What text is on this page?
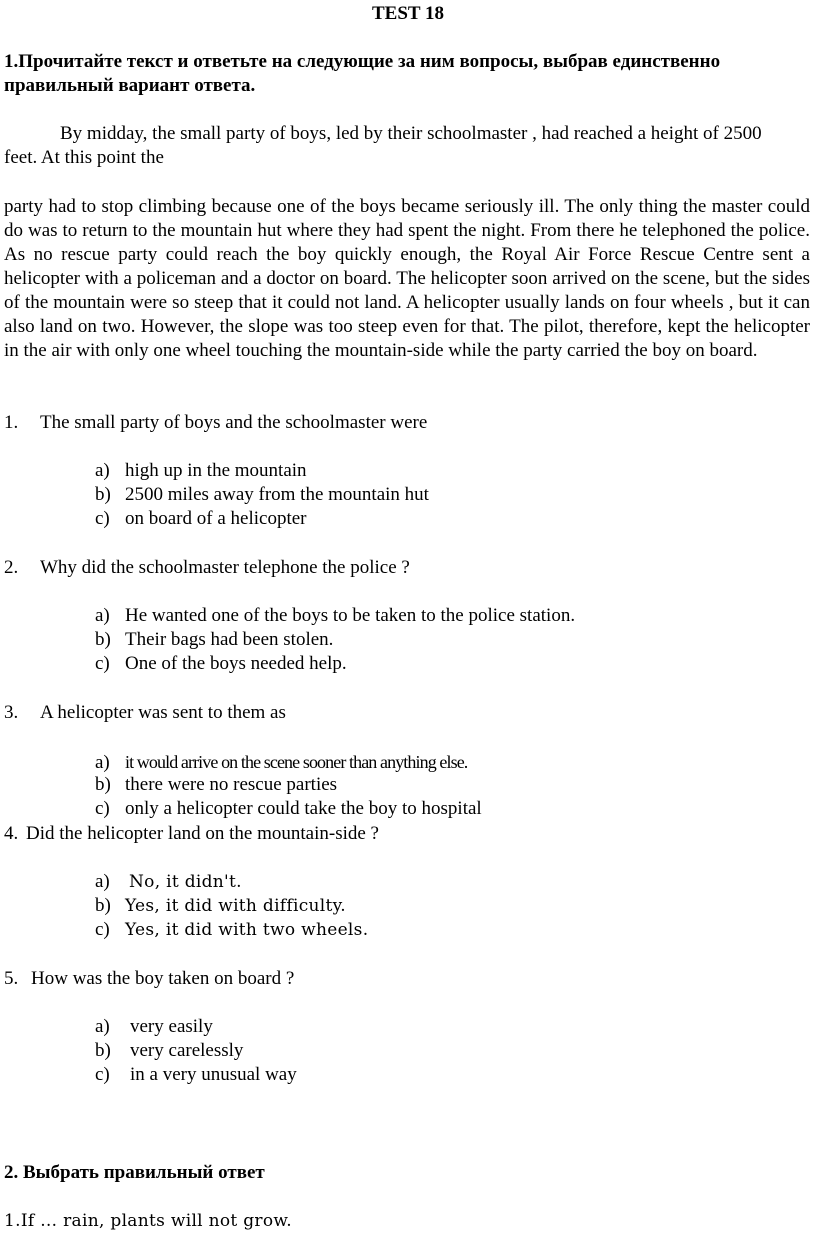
TEST 18
1.Прочитайте текст и ответьте на следующие за ним вопросы, выбрав единственно
правильный вариант ответа.
By midday, the small party of boys, led by their schoolmaster , had reached a height of 2500
feet. At this point the
party had to stop climbing because one of the boys became seriously ill. The only thing the master could do was to return to the mountain hut where they had spent the night. From there he telephoned the police. As no rescue party could reach the boy quickly enough, the Royal Air Force Rescue Centre sent a helicopter with a policeman and a doctor on board. The helicopter soon arrived on the scene, but the sides of the mountain were so steep that it could not land. A helicopter usually lands on four wheels , but it can also land on two. However, the slope was too steep even for that. The pilot, therefore, kept the helicopter in the air with only one wheel touching the mountain-side while the party carried the boy on board.
1. The small party of boys and the schoolmaster were
a) high up in the mountain
b) 2500 miles away from the mountain hut
c) on board of a helicopter
2. Why did the schoolmaster telephone the police ?
a) He wanted one of the boys to be taken to the police station.
b) Their bags had been stolen.
c) One of the boys needed help.
3. A helicopter was sent to them as
a) it would arrive on the scene sooner than anything else.
b) there were no rescue parties
c) only a helicopter could take the boy to hospital
4. Did the helicopter land on the mountain-side ?
a) No, it didn't.
b) Yes, it did with difficulty.
c) Yes, it did with two wheels.
5. How was the boy taken on board ?
a) very easily
b) very carelessly
c) in a very unusual way
2. Выбрать правильный ответ
1.If … rain, plants will not grow.
